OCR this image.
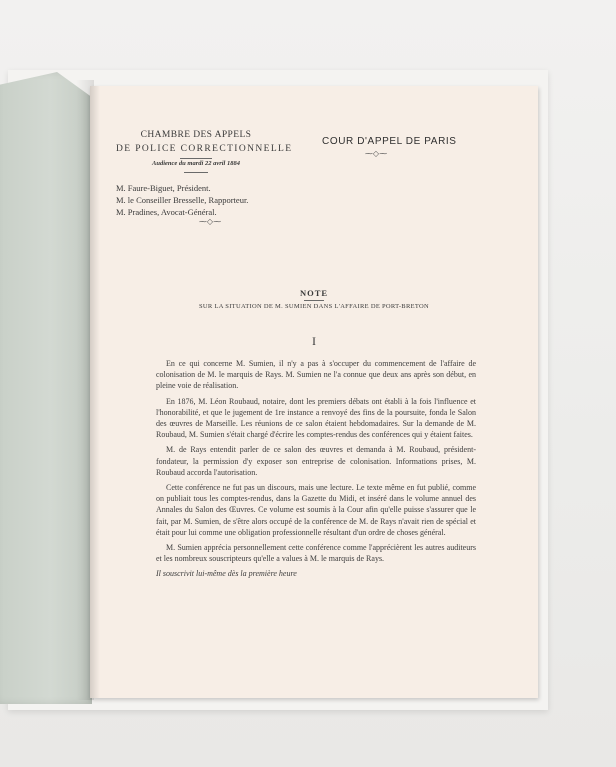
CHAMBRE DES APPELS
DE POLICE CORRECTIONNELLE
Audience du mardi 22 avril 1884
M. Faure-Biguet, Président.
M. le Conseiller Bresselle, Rapporteur.
M. Pradines, Avocat-Général.
⁓◇⁓
COUR D'APPEL DE PARIS
⁓◇⁓
NOTE
SUR LA SITUATION DE M. SUMIEN DANS L'AFFAIRE DE PORT-BRETON
I

En ce qui concerne M. Sumien, il n'y a pas à s'occuper du commencement de l'affaire de colonisation de M. le marquis de Rays. M. Sumien ne l'a connue que deux ans après son début, en pleine voie de réalisation.

En 1876, M. Léon Roubaud, notaire, dont les premiers débats ont établi à la fois l'influence et l'honorabilité, et que le jugement de 1re instance a renvoyé des fins de la poursuite, fonda le Salon des œuvres de Marseille. Les réunions de ce salon étaient hebdomadaires. Sur la demande de M. Roubaud, M. Sumien s'était chargé d'écrire les comptes-rendus des conférences qui y étaient faites.

M. de Rays entendit parler de ce salon des œuvres et demanda à M. Roubaud, président-fondateur, la permission d'y exposer son entreprise de colonisation. Informations prises, M. Roubaud accorda l'autorisation.

Cette conférence ne fut pas un discours, mais une lecture. Le texte même en fut publié, comme on publiait tous les comptes-rendus, dans la Gazette du Midi, et inséré dans le volume annuel des Annales du Salon des Œuvres. Ce volume est soumis à la Cour afin qu'elle puisse s'assurer que le fait, par M. Sumien, de s'être alors occupé de la conférence de M. de Rays n'avait rien de spécial et était pour lui comme une obligation professionnelle résultant d'un ordre de choses général.

M. Sumien apprécia personnellement cette conférence comme l'apprécièrent les autres auditeurs et les nombreux souscripteurs qu'elle a values à M. le marquis de Rays.

Il souscrivit lui-même dès la première heure
